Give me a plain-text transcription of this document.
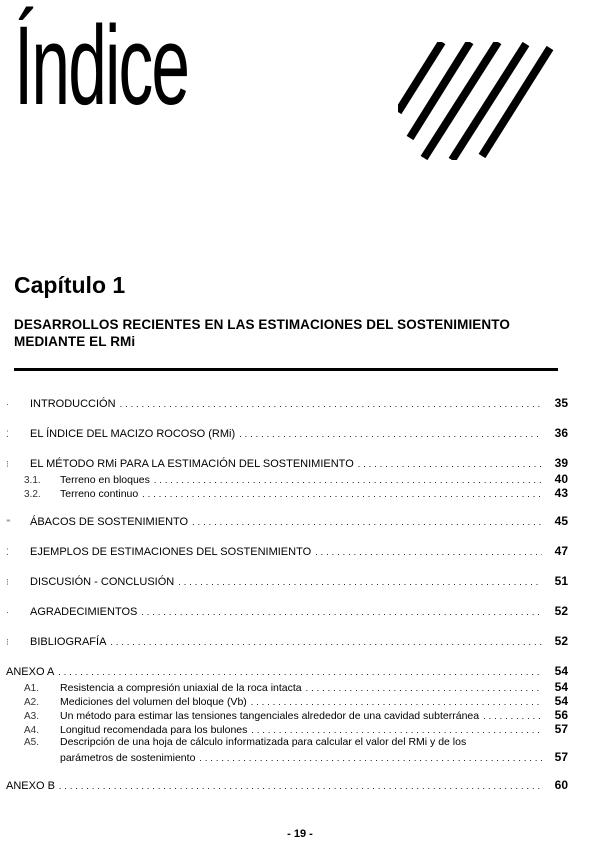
Índice
Capítulo 1
DESARROLLOS RECIENTES EN LAS ESTIMACIONES DEL SOSTENIMIENTO
MEDIANTE EL RMi
·	INTRODUCCIÓN .....	35
⁚	EL ÍNDICE DEL MACIZO ROCOSO (RMi) .....	36
⁝	EL MÉTODO RMi PARA LA ESTIMACIÓN DEL SOSTENIMIENTO .....	39
3.1.	Terreno en bloques .....	40
3.2.	Terreno continuo .....	43
⁼	ÁBACOS DE SOSTENIMIENTO .....	45
⁚	EJEMPLOS DE ESTIMACIONES DEL SOSTENIMIENTO .....	47
⁝	DISCUSIÓN - CONCLUSIÓN .....	51
·	AGRADECIMIENTOS .....	52
⁝	BIBLIOGRAFÍA .....	52
ANEXO A .....	54
A1.	Resistencia a compresión uniaxial de la roca intacta .....	54
A2.	Mediciones del volumen del bloque (Vb) .....	54
A3.	Un método para estimar las tensiones tangenciales alrededor de una cavidad subterránea .....	56
A4.	Longitud recomendada para los bulones .....	57
A5.	Descripción de una hoja de cálculo informatizada para calcular el valor del RMi y de los
parámetros de sostenimiento .....	57
ANEXO B .....	60
- 19 -
